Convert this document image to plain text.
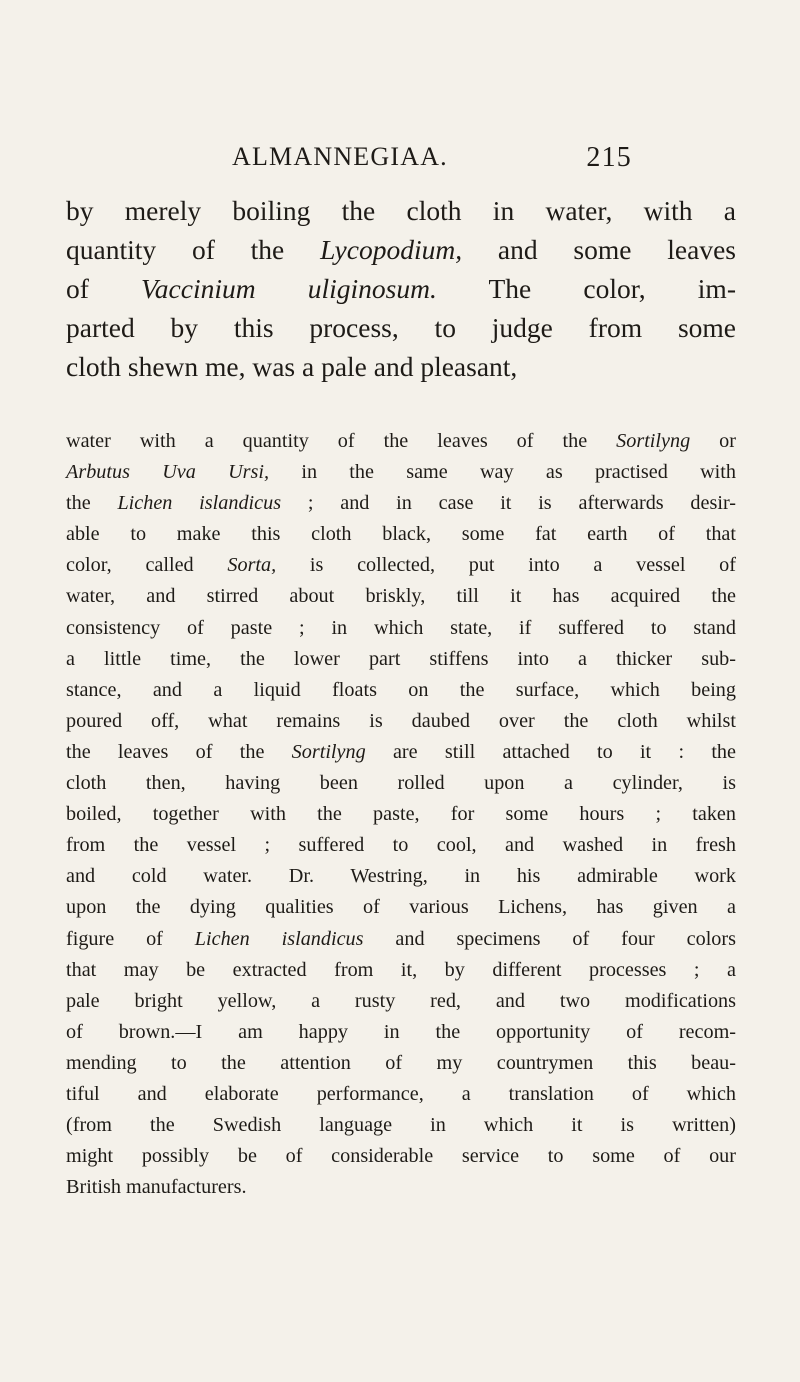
ALMANNEGIAA.	215
by merely boiling the cloth in water, with a
quantity of the Lycopodium, and some leaves
of Vaccinium uliginosum. The color, im-
parted by this process, to judge from some
cloth shewn me, was a pale and pleasant,
water with a quantity of the leaves of the Sortilyng or
Arbutus Uva Ursi, in the same way as practised with
the Lichen islandicus ; and in case it is afterwards desir-
able to make this cloth black, some fat earth of that
color, called Sorta, is collected, put into a vessel of
water, and stirred about briskly, till it has acquired the
consistency of paste ; in which state, if suffered to stand
a little time, the lower part stiffens into a thicker sub-
stance, and a liquid floats on the surface, which being
poured off, what remains is daubed over the cloth whilst
the leaves of the Sortilyng are still attached to it : the
cloth then, having been rolled upon a cylinder, is
boiled, together with the paste, for some hours ; taken
from the vessel ; suffered to cool, and washed in fresh
and cold water. Dr. Westring, in his admirable work
upon the dying qualities of various Lichens, has given a
figure of Lichen islandicus and specimens of four colors
that may be extracted from it, by different processes ; a
pale bright yellow, a rusty red, and two modifications
of brown.—I am happy in the opportunity of recom-
mending to the attention of my countrymen this beau-
tiful and elaborate performance, a translation of which
(from the Swedish language in which it is written)
might possibly be of considerable service to some of our
British manufacturers.
